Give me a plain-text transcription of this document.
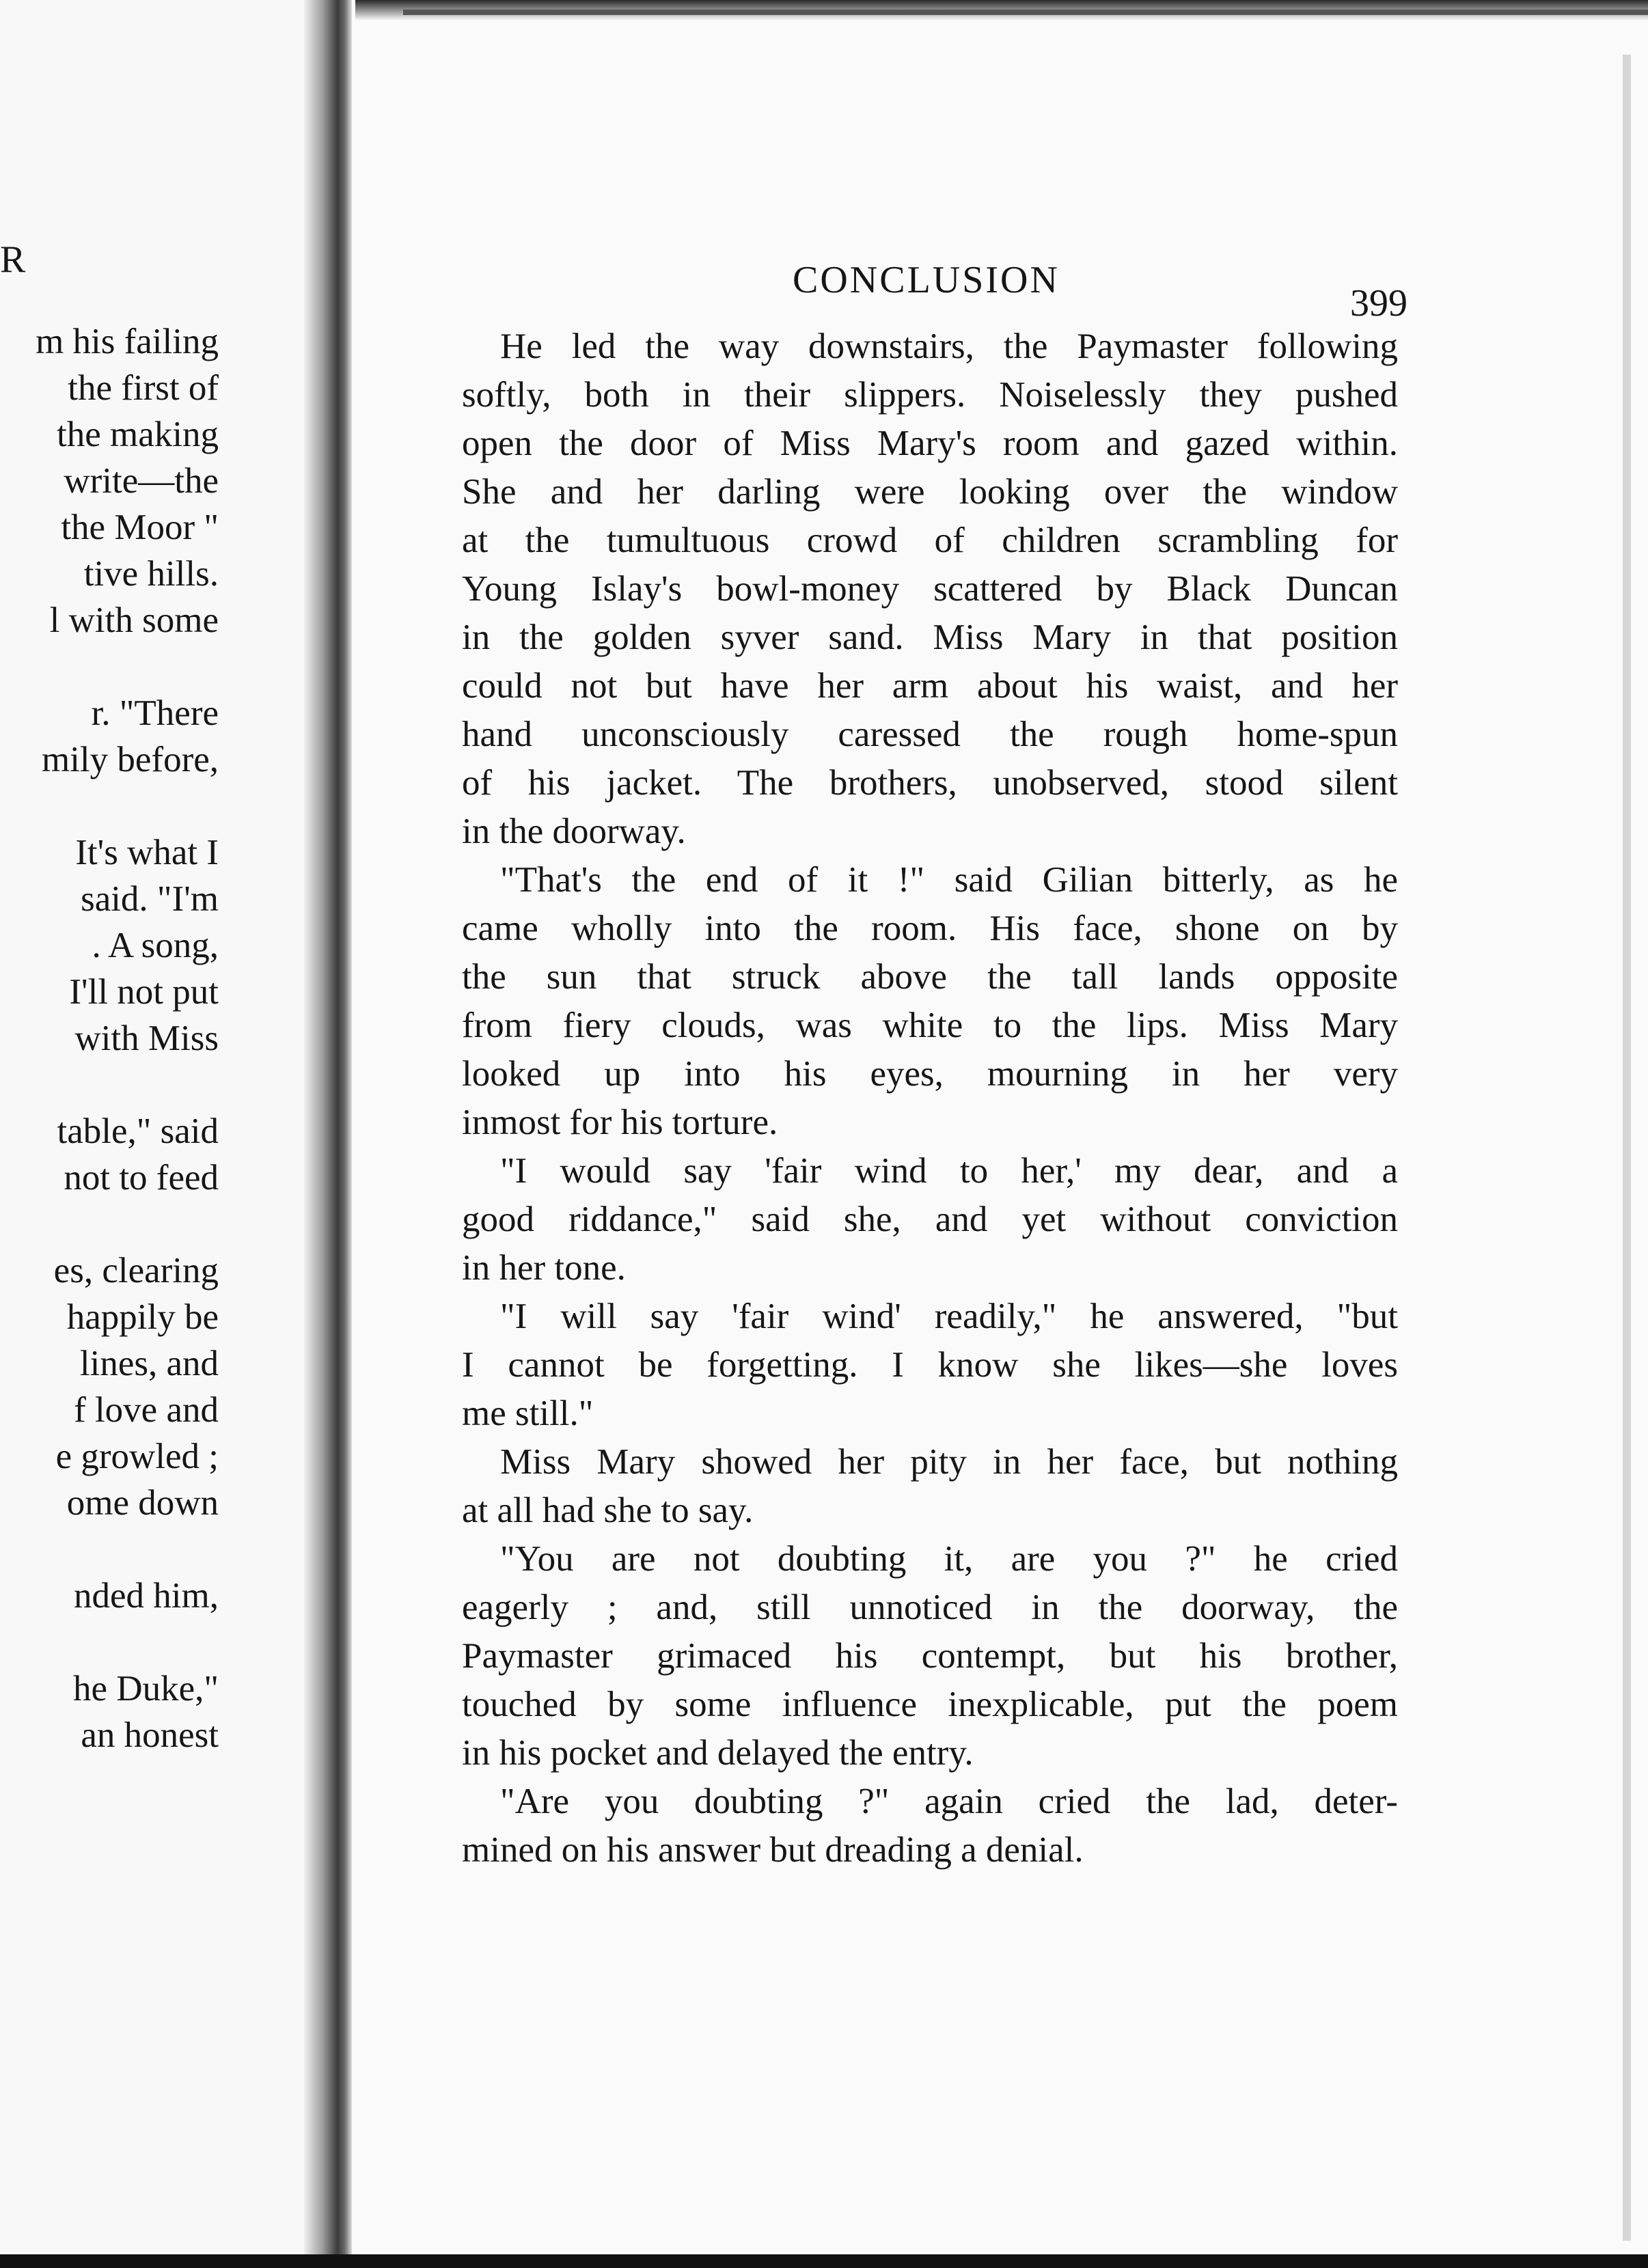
R
m his failing
the first of
the making
write—the
the Moor "
tive hills.
l with some
r. "There
mily before,
It's what I
said. "I'm
. A song,
I'll not put
with Miss
table," said
not to feed
es, clearing
happily be
lines, and
f love and
e growled ;
ome down
nded him,
he Duke,"
an honest
CONCLUSION
399
He led the way downstairs, the Paymaster following
softly, both in their slippers. Noiselessly they pushed
open the door of Miss Mary's room and gazed within.
She and her darling were looking over the window
at the tumultuous crowd of children scrambling for
Young Islay's bowl-money scattered by Black Duncan
in the golden syver sand. Miss Mary in that position
could not but have her arm about his waist, and her
hand unconsciously caressed the rough home-spun
of his jacket. The brothers, unobserved, stood silent
in the doorway.
"That's the end of it !" said Gilian bitterly, as he
came wholly into the room. His face, shone on by
the sun that struck above the tall lands opposite
from fiery clouds, was white to the lips. Miss Mary
looked up into his eyes, mourning in her very
inmost for his torture.
"I would say 'fair wind to her,' my dear, and a
good riddance," said she, and yet without conviction
in her tone.
"I will say 'fair wind' readily," he answered, "but
I cannot be forgetting. I know she likes—she loves
me still."
Miss Mary showed her pity in her face, but nothing
at all had she to say.
"You are not doubting it, are you ?" he cried
eagerly ; and, still unnoticed in the doorway, the
Paymaster grimaced his contempt, but his brother,
touched by some influence inexplicable, put the poem
in his pocket and delayed the entry.
"Are you doubting ?" again cried the lad, deter-
mined on his answer but dreading a denial.
